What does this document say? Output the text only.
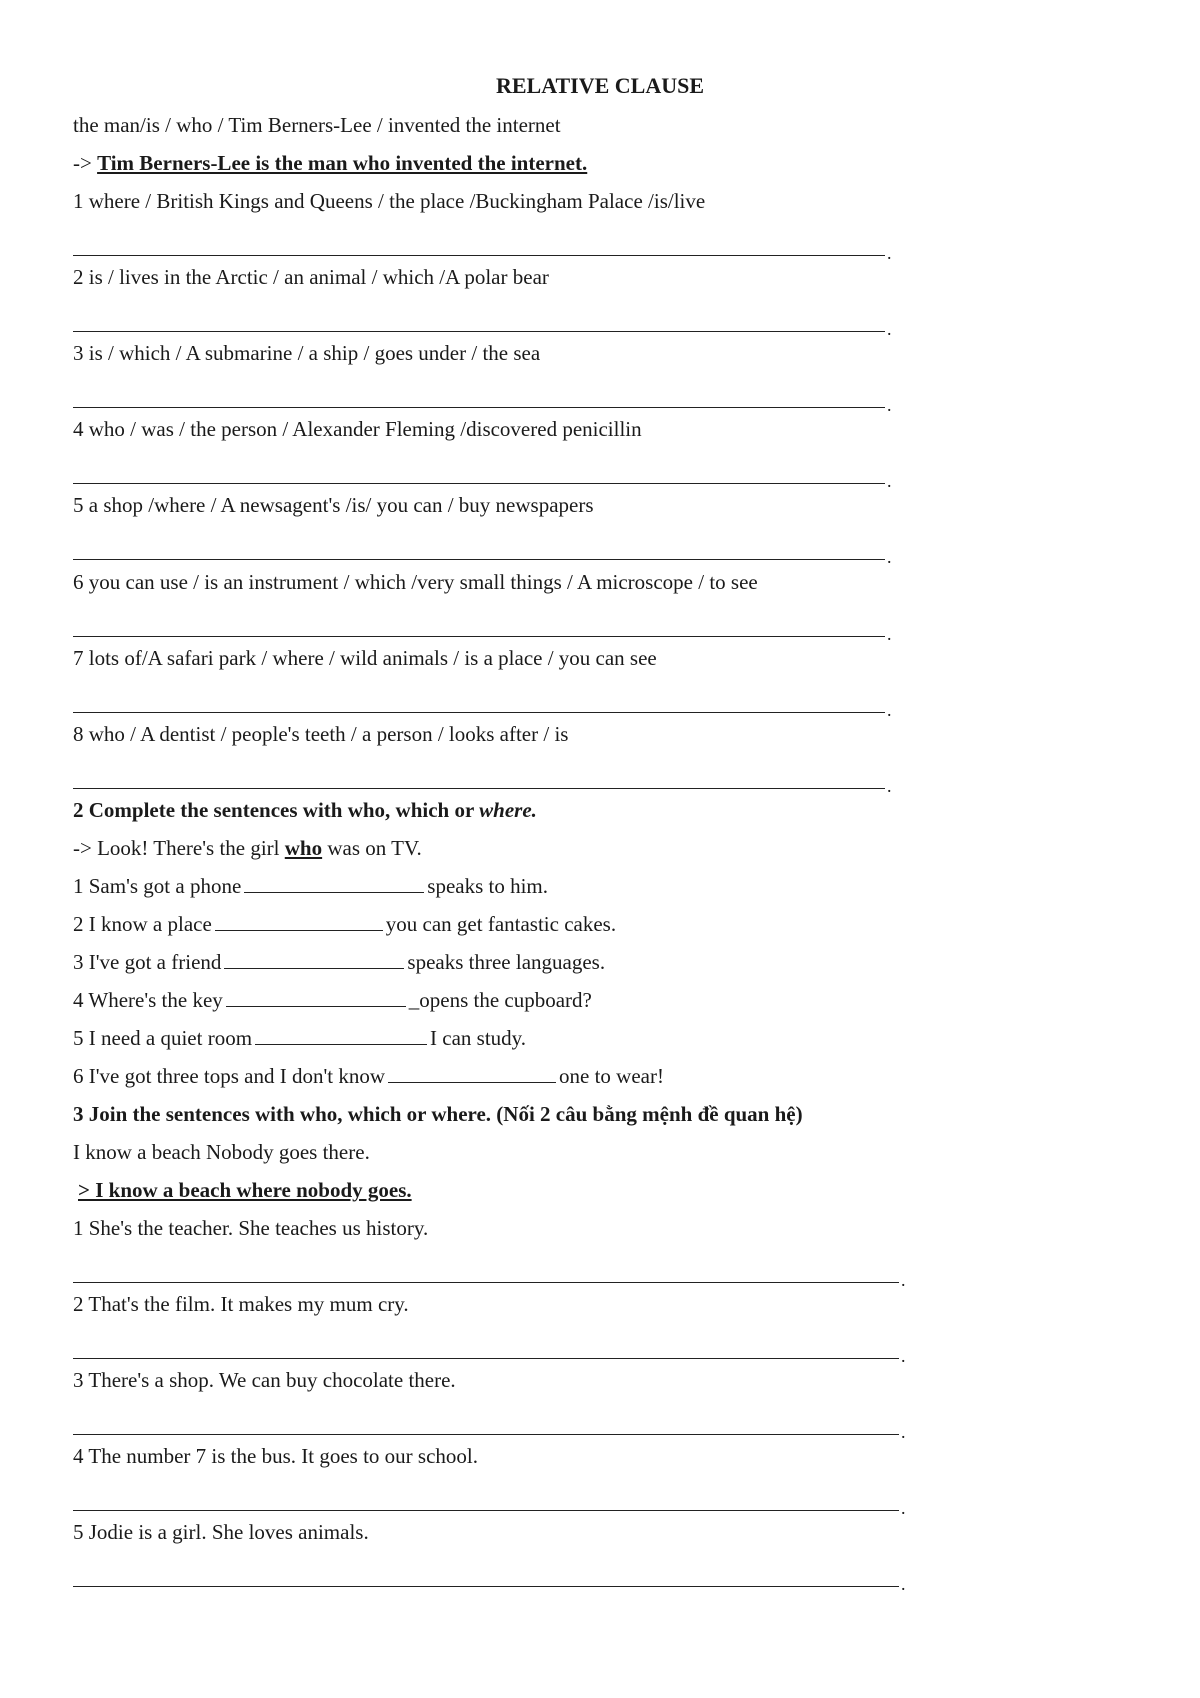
RELATIVE CLAUSE
the man/is / who / Tim Berners-Lee / invented the internet
-> Tim Berners-Lee is the man who invented the internet.
1 where / British Kings and Queens / the place /Buckingham Palace /is/live
.
2 is / lives in the Arctic / an animal / which /A polar bear
.
3 is / which / A submarine / a ship / goes under / the sea
.
4 who / was / the person / Alexander Fleming /discovered penicillin
.
5 a shop /where / A newsagent's /is/ you can / buy newspapers
.
6 you can use / is an instrument / which /very small things / A microscope / to see
.
7 lots of/A safari park / where / wild animals / is a place / you can see
.
8 who / A dentist / people's teeth / a person / looks after / is
.
2 Complete the sentences with who, which or where.
-> Look! There's the girl who was on TV.
1 Sam's got a phone	speaks to him.
2 I know a place	you can get fantastic cakes.
3 I've got a friend	speaks three languages.
4 Where's the key	_opens the cupboard?
5 I need a quiet room	I can study.
6 I've got three tops and I don't know	one to wear!
3 Join the sentences with who, which or where. (Nối 2 câu bằng mệnh đề quan hệ)
I know a beach Nobody goes there.
> I know a beach where nobody goes.
1 She's the teacher. She teaches us history.
.
2 That's the film. It makes my mum cry.
.
3 There's a shop. We can buy chocolate there.
.
4 The number 7 is the bus. It goes to our school.
.
5 Jodie is a girl. She loves animals.
.
